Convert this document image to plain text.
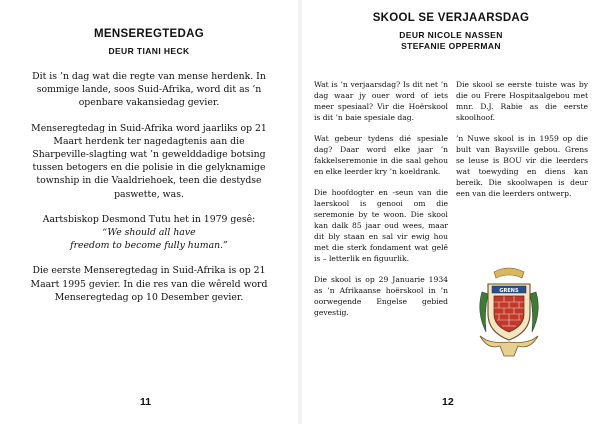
MENSEREGTEDAG
DEUR TIANI HECK

Dit is ’n dag wat die regte van mense herdenk. In sommige lande, soos Suid-Afrika, word dit as ’n openbare vakansiedag gevier.

Menseregtedag in Suid-Afrika word jaarliks op 21 Maart herdenk ter nagedagtenis aan die Sharpeville-slagting wat ’n gewelddadige botsing tussen betogers en die polisie in die gelyknamige township in die Vaaldriehoek, teen die destydse paswette, was.

Aartsbiskop Desmond Tutu het in 1979 gesê:
“We should all have
freedom to become fully human.”

Die eerste Menseregtedag in Suid-Afrika is op 21 Maart 1995 gevier. In die res van die wêreld word Menseregtedag op 10 Desember gevier.

11
SKOOL SE VERJAARSDAG
DEUR NICOLE NASSEN
STEFANIE OPPERMAN
12

Wat is ’n verjaarsdag? Is dit net ’n dag waar jy ouer word of iets meer spesiaal? Vir die Hoërskool is dit ’n baie spesiale dag.

Wat gebeur tydens dié spesiale dag? Daar word elke jaar ’n fakkelseremonie in die saal gehou en elke leerder kry ’n koeldrank.

Die hoofdogter en -seun van die laerskool is genooi om die seremonie by te woon. Die skool kan dalk 85 jaar oud wees, maar dit bly staan en sal vir ewig hou met die sterk fondament wat gelê is – letterlik en figuurlik.

Die skool is op 29 Januarie 1934 as ’n Afrikaanse hoërskool in ’n oorwegende Engelse gebied gevestig.

Die skool se eerste tuiste was by die ou Frere Hospitaalgebou met mnr. D.J. Rabie as die eerste skoolhoof.

’n Nuwe skool is in 1959 op die bult van Baysville gebou. Grens se leuse is BOU vir die leerders wat toewyding en diens kan bereik. Die skoolwapen is deur een van die leerders ontwerp.

GRENS
